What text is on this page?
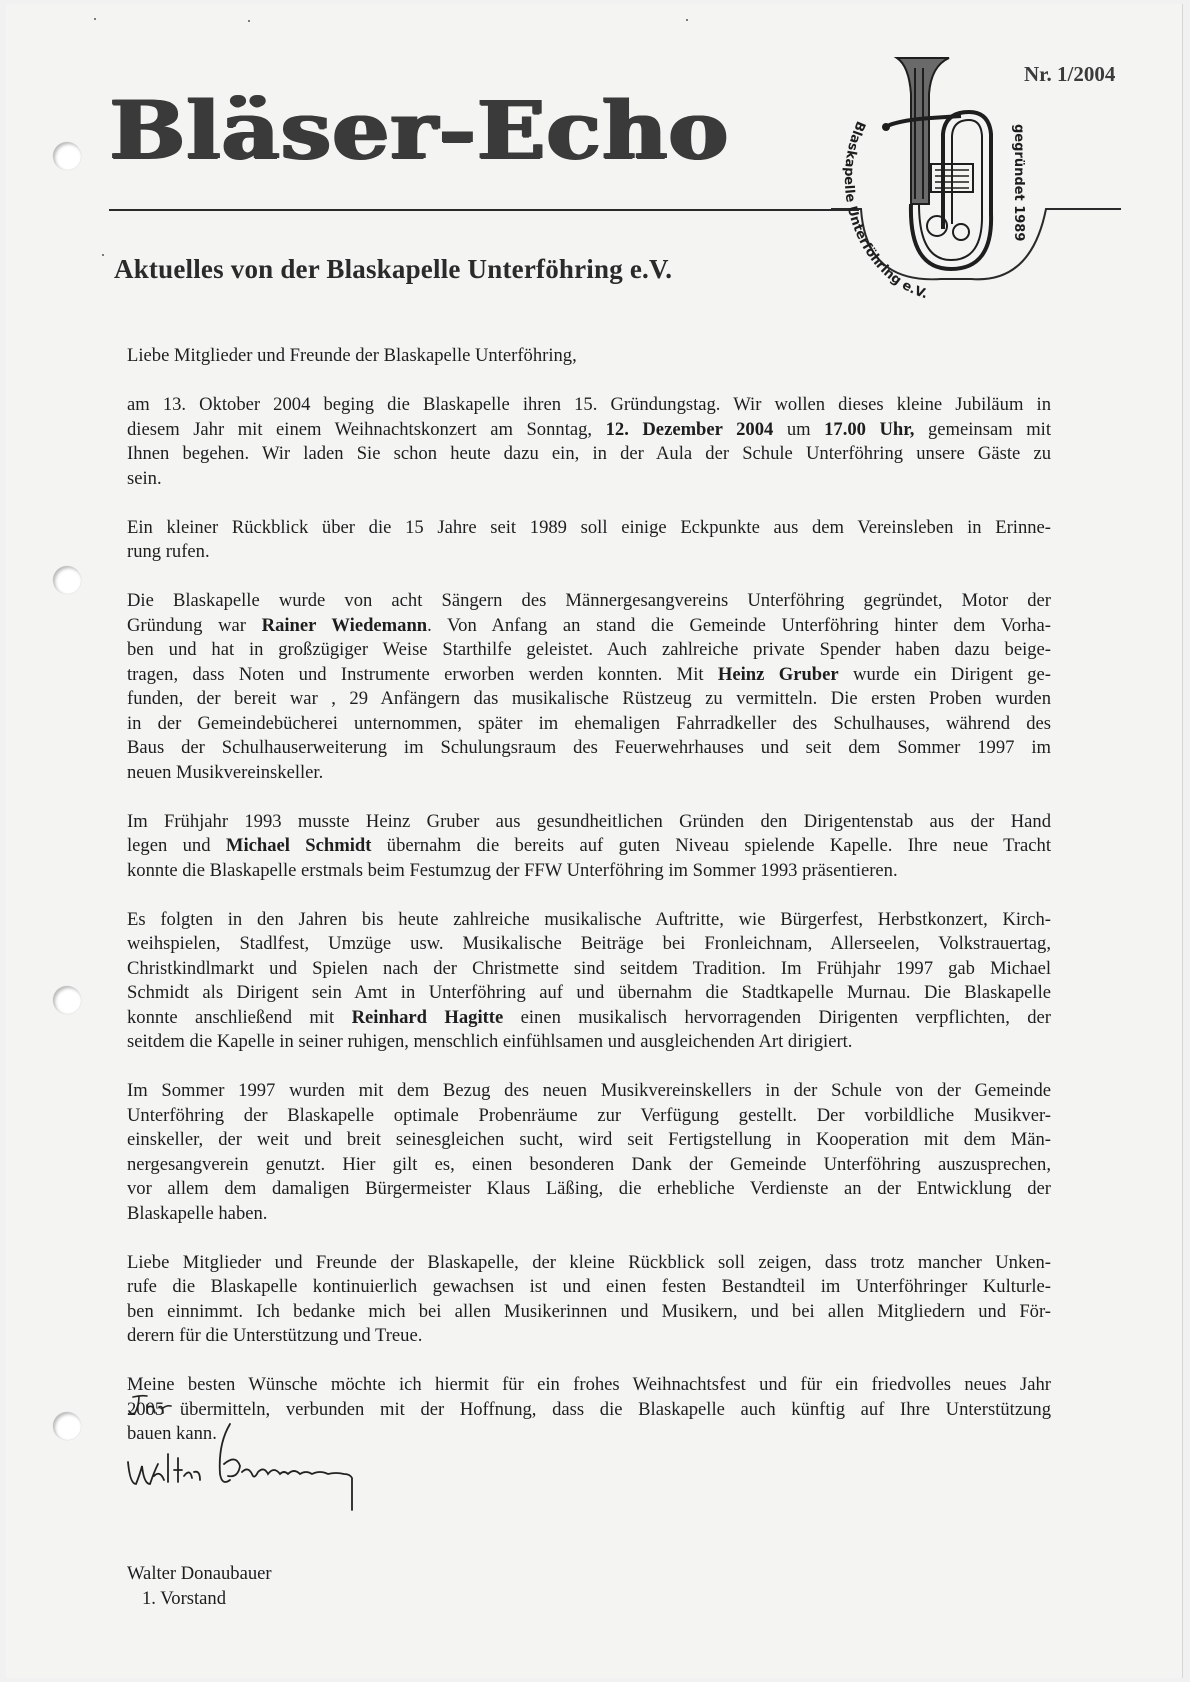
Bläser-Echo
Nr. 1/2004
Aktuelles von der Blaskapelle Unterföhring e.V.
Blaskapelle Unterföhring e.V.
gegründet 1989

Liebe Mitglieder und Freunde der Blaskapelle Unterföhring,

am 13. Oktober 2004 beging die Blaskapelle ihren 15. Gründungstag. Wir wollen dieses kleine Jubiläum in
diesem Jahr mit einem Weihnachtskonzert am Sonntag, 12. Dezember 2004 um 17.00 Uhr, gemeinsam mit
Ihnen begehen. Wir laden Sie schon heute dazu ein, in der Aula der Schule Unterföhring unsere Gäste zu
sein.

Ein kleiner Rückblick über die 15 Jahre seit 1989 soll einige Eckpunkte aus dem Vereinsleben in Erinne-
rung rufen.

Die Blaskapelle wurde von acht Sängern des Männergesangvereins Unterföhring gegründet, Motor der
Gründung war Rainer Wiedemann. Von Anfang an stand die Gemeinde Unterföhring hinter dem Vorha-
ben und hat in großzügiger Weise Starthilfe geleistet. Auch zahlreiche private Spender haben dazu beige-
tragen, dass Noten und Instrumente erworben werden konnten. Mit Heinz Gruber wurde ein Dirigent ge-
funden, der bereit war , 29 Anfängern das musikalische Rüstzeug zu vermitteln. Die ersten Proben wurden
in der Gemeindebücherei unternommen, später im ehemaligen Fahrradkeller des Schulhauses, während des
Baus der Schulhauserweiterung im Schulungsraum des Feuerwehrhauses und seit dem Sommer 1997 im
neuen Musikvereinskeller.

Im Frühjahr 1993 musste Heinz Gruber aus gesundheitlichen Gründen den Dirigentenstab aus der Hand
legen und Michael Schmidt übernahm die bereits auf guten Niveau spielende Kapelle. Ihre neue Tracht
konnte die Blaskapelle erstmals beim Festumzug der FFW Unterföhring im Sommer 1993 präsentieren.

Es folgten in den Jahren bis heute zahlreiche musikalische Auftritte, wie Bürgerfest, Herbstkonzert, Kirch-
weihspielen, Stadlfest, Umzüge usw. Musikalische Beiträge bei Fronleichnam, Allerseelen, Volkstrauertag,
Christkindlmarkt und Spielen nach der Christmette sind seitdem Tradition. Im Frühjahr 1997 gab Michael
Schmidt als Dirigent sein Amt in Unterföhring auf und übernahm die Stadtkapelle Murnau. Die Blaskapelle
konnte anschließend mit Reinhard Hagitte einen musikalisch hervorragenden Dirigenten verpflichten, der
seitdem die Kapelle in seiner ruhigen, menschlich einfühlsamen und ausgleichenden Art dirigiert.

Im Sommer 1997 wurden mit dem Bezug des neuen Musikvereinskellers in der Schule von der Gemeinde
Unterföhring der Blaskapelle optimale Probenräume zur Verfügung gestellt. Der vorbildliche Musikver-
einskeller, der weit und breit seinesgleichen sucht, wird seit Fertigstellung in Kooperation mit dem Män-
nergesangverein genutzt. Hier gilt es, einen besonderen Dank der Gemeinde Unterföhring auszusprechen,
vor allem dem damaligen Bürgermeister Klaus Läßing, die erhebliche Verdienste an der Entwicklung der
Blaskapelle haben.

Liebe Mitglieder und Freunde der Blaskapelle, der kleine Rückblick soll zeigen, dass trotz mancher Unken-
rufe die Blaskapelle kontinuierlich gewachsen ist und einen festen Bestandteil im Unterföhringer Kulturle-
ben einnimmt. Ich bedanke mich bei allen Musikerinnen und Musikern, und bei allen Mitgliedern und För-
derern für die Unterstützung und Treue.

Meine besten Wünsche möchte ich hiermit für ein frohes Weihnachtsfest und für ein friedvolles neues Jahr
2005 übermitteln, verbunden mit der Hoffnung, dass die Blaskapelle auch künftig auf Ihre Unterstützung
bauen kann.

Walter Donaubauer
1. Vorstand
